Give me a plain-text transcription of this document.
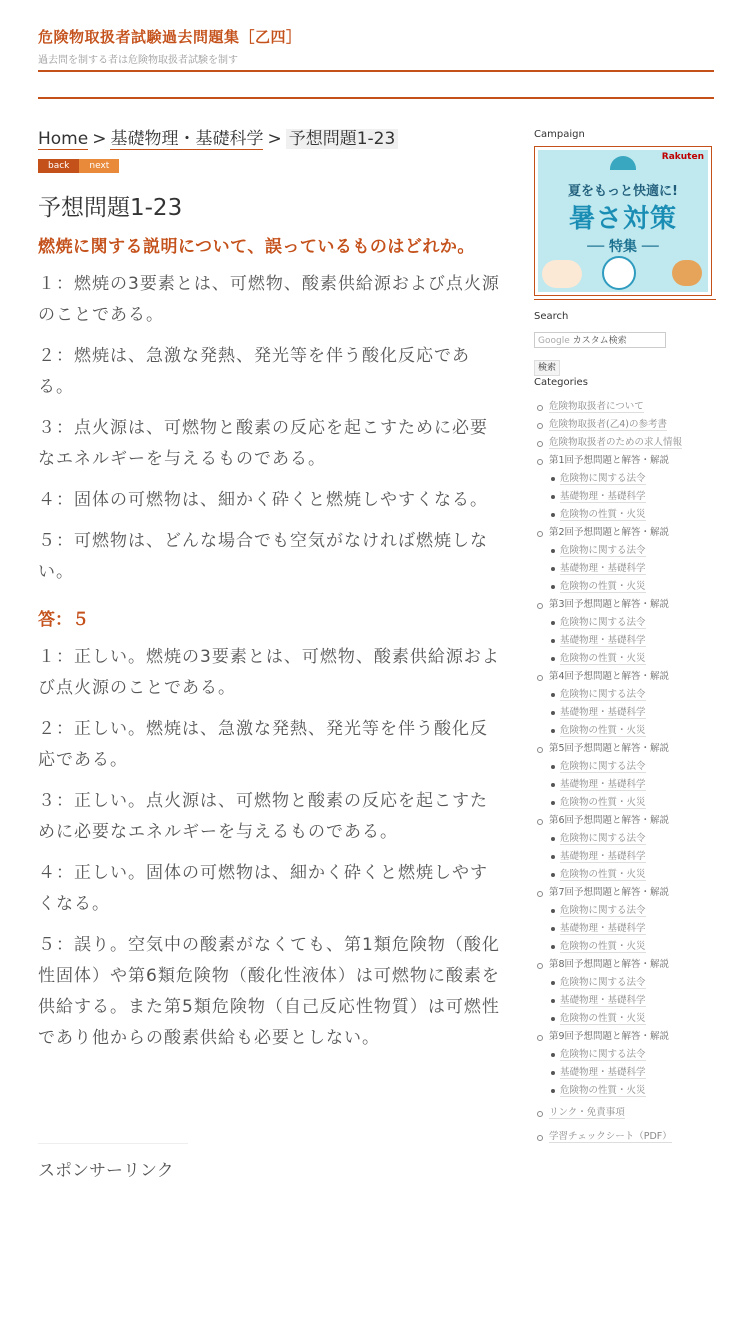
危険物取扱者試験過去問題集［乙四］
過去問を制する者は危険物取扱者試験を制す
Home > 基礎物理・基礎科学 > 予想問題1-23
back	next
予想問題1-23
燃焼に関する説明について、誤っているものはどれか。
１：燃焼の3要素とは、可燃物、酸素供給源および点火源のことである。
２：燃焼は、急激な発熱、発光等を伴う酸化反応である。
３：点火源は、可燃物と酸素の反応を起こすために必要なエネルギーを与えるものである。
４：固体の可燃物は、細かく砕くと燃焼しやすくなる。
５：可燃物は、どんな場合でも空気がなければ燃焼しない。
答：５
１：正しい。燃焼の3要素とは、可燃物、酸素供給源および点火源のことである。
２：正しい。燃焼は、急激な発熱、発光等を伴う酸化反応である。
３：正しい。点火源は、可燃物と酸素の反応を起こすために必要なエネルギーを与えるものである。
４：正しい。固体の可燃物は、細かく砕くと燃焼しやすくなる。
５：誤り。空気中の酸素がなくても、第1類危険物（酸化性固体）や第6類危険物（酸化性液体）は可燃物に酸素を供給する。また第5類危険物（自己反応性物質）は可燃性であり他からの酸素供給も必要としない。
スポンサーリンク
Campaign
Rakuten
夏をもっと快適に!
暑さ対策
── 特集 ──
Search
Google カスタム検索
検索
Categories
危険物取扱者について
危険物取扱者(乙4)の参考書
危険物取扱者のための求人情報
第1回予想問題と解答・解説
危険物に関する法令
基礎物理・基礎科学
危険物の性質・火災
第2回予想問題と解答・解説
危険物に関する法令
基礎物理・基礎科学
危険物の性質・火災
第3回予想問題と解答・解説
危険物に関する法令
基礎物理・基礎科学
危険物の性質・火災
第4回予想問題と解答・解説
危険物に関する法令
基礎物理・基礎科学
危険物の性質・火災
第5回予想問題と解答・解説
危険物に関する法令
基礎物理・基礎科学
危険物の性質・火災
第6回予想問題と解答・解説
危険物に関する法令
基礎物理・基礎科学
危険物の性質・火災
第7回予想問題と解答・解説
危険物に関する法令
基礎物理・基礎科学
危険物の性質・火災
第8回予想問題と解答・解説
危険物に関する法令
基礎物理・基礎科学
危険物の性質・火災
第9回予想問題と解答・解説
危険物に関する法令
基礎物理・基礎科学
危険物の性質・火災
リンク・免責事項
学習チェックシート（PDF）
